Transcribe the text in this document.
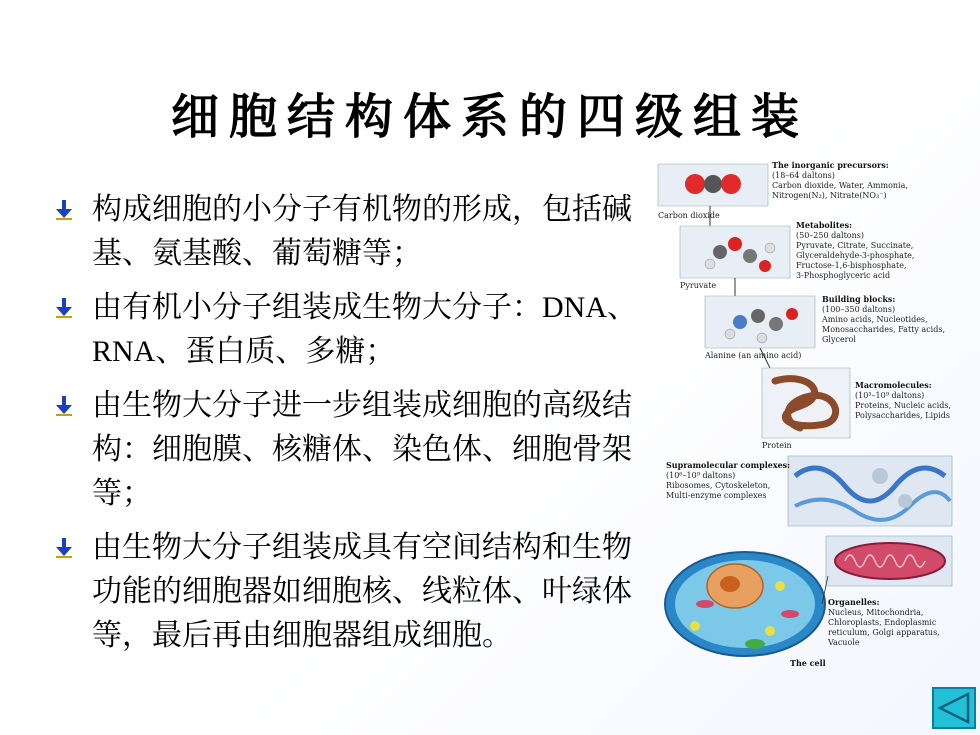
细胞结构体系的四级组装
构成细胞的小分子有机物的形成，包括碱基、氨基酸、葡萄糖等；
由有机小分子组装成生物大分子：DNA、RNA、蛋白质、多糖；
由生物大分子进一步组装成细胞的高级结构：细胞膜、核糖体、染色体、细胞骨架等；
由生物大分子组装成具有空间结构和生物功能的细胞器如细胞核、线粒体、叶绿体等，最后再由细胞器组成细胞。
Carbon dioxide
The inorganic precursors:
(18–64 daltons)
Carbon dioxide, Water, Ammonia,
Nitrogen(N₂), Nitrate(NO₃⁻)
Pyruvate
Metabolites:
(50–250 daltons)
Pyruvate, Citrate, Succinate,
Glyceraldehyde-3-phosphate,
Fructose-1,6-bisphosphate,
3-Phosphoglyceric acid
Alanine (an amino acid)
Building blocks:
(100–350 daltons)
Amino acids, Nucleotides,
Monosaccharides, Fatty acids,
Glycerol
Protein
Macromolecules:
(10³–10⁹ daltons)
Proteins, Nucleic acids,
Polysaccharides, Lipids
Supramolecular complexes:
(10⁶–10⁹ daltons)
Ribosomes, Cytoskeleton,
Multi-enzyme complexes
Organelles:
Nucleus, Mitochondria,
Chloroplasts, Endoplasmic
reticulum, Golgi apparatus,
Vacuole
The cell
